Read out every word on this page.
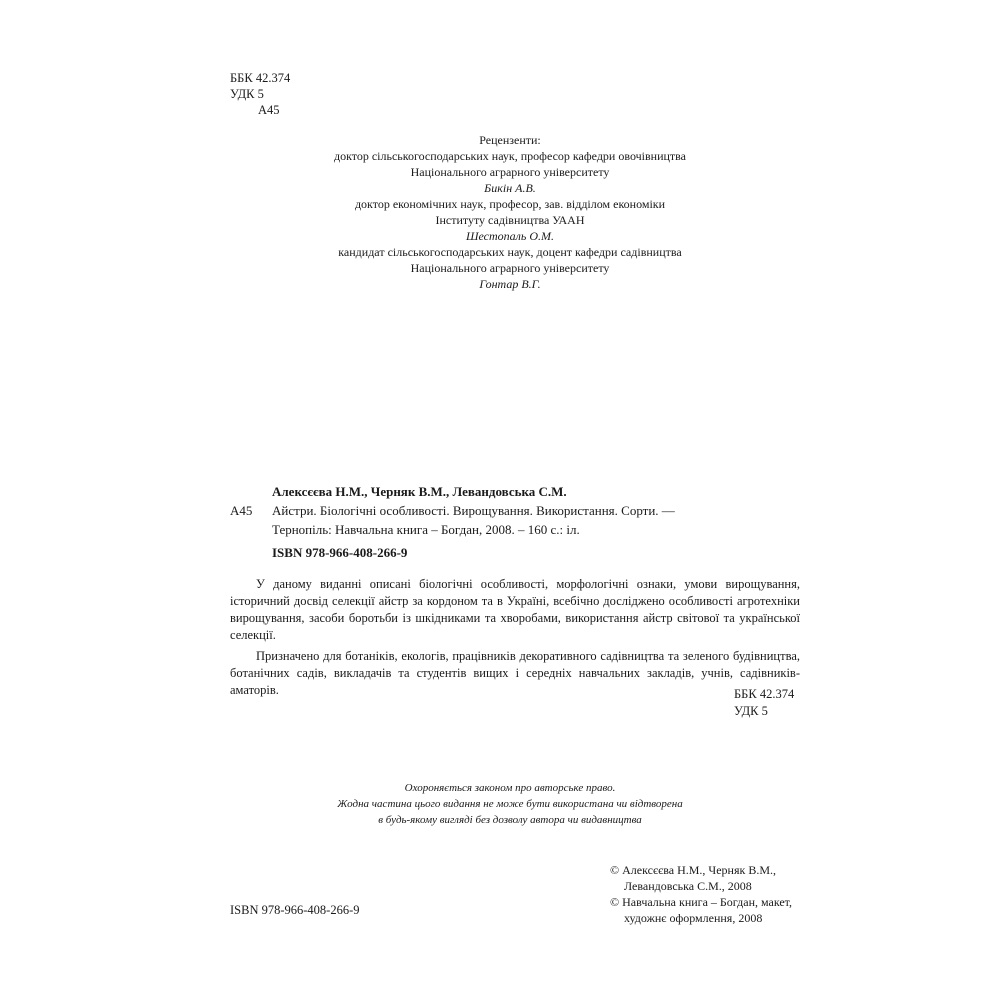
ББК 42.374
УДК 5
А45
Рецензенти:
доктор сільськогосподарських наук, професор кафедри овочівництва
Національного аграрного університету
Бикін А.В.
доктор економічних наук, професор, зав. відділом економіки
Інституту садівництва УААН
Шестопаль О.М.
кандидат сільськогосподарських наук, доцент кафедри садівництва
Національного аграрного університету
Гонтар В.Г.
Алексєєва Н.М., Черняк В.М., Левандовська С.М.
А45	Айстри. Біологічні особливості. Вирощування. Використання. Сорти. —
Тернопіль: Навчальна книга – Богдан, 2008. – 160 с.: іл.
ISBN 978-966-408-266-9

У даному виданні описані біологічні особливості, морфологічні ознаки, умови вирощування, історичний досвід селекції айстр за кордоном та в Україні, всебічно досліджено особливості агротехніки вирощування, засоби боротьби із шкідниками та хворобами, використання айстр світової та української селекції.

Призначено для ботаніків, екологів, працівників декоративного садівництва та зеленого будівництва, ботанічних садів, викладачів та студентів вищих і середніх навчальних закладів, учнів, садівників-аматорів.	ББК 42.374
УДК 5
Охороняється законом про авторське право.
Жодна частина цього видання не може бути використана чи відтворена
в будь-якому вигляді без дозволу автора чи видавництва
© Алексєєва Н.М., Черняк В.М.,
Левандовська С.М., 2008
© Навчальна книга – Богдан, макет,
художнє оформлення, 2008
ISBN 978-966-408-266-9
